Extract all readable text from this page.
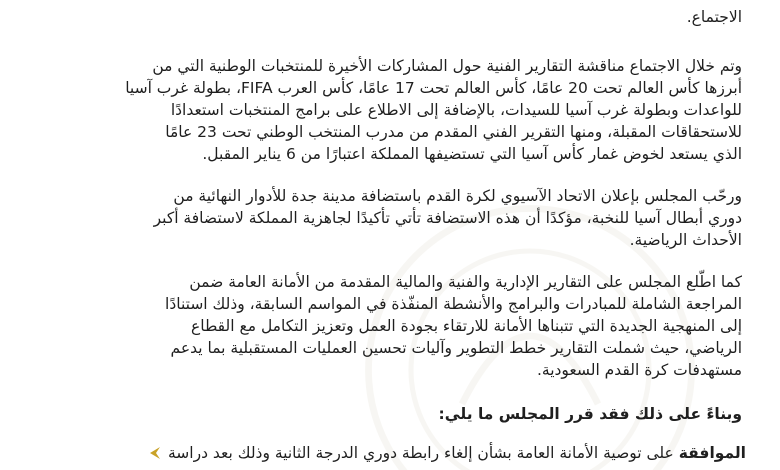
الاجتماع.
وتم خلال الاجتماع مناقشة التقارير الفنية حول المشاركات الأخيرة للمنتخبات الوطنية التي من
أبرزها كأس العالم تحت 20 عامًا، كأس العالم تحت 17 عامًا، كأس العرب FIFA، بطولة غرب آسيا
للواعدات وبطولة غرب آسيا للسيدات، بالإضافة إلى الاطلاع على برامج المنتخبات استعدادًا
للاستحقاقات المقبلة، ومنها التقرير الفني المقدم من مدرب المنتخب الوطني تحت 23 عامًا
الذي يستعد لخوض غمار كأس آسيا التي تستضيفها المملكة اعتبارًا من 6 يناير المقبل.
ورحّب المجلس بإعلان الاتحاد الآسيوي لكرة القدم باستضافة مدينة جدة للأدوار النهائية من
دوري أبطال آسيا للنخبة، مؤكدًا أن هذه الاستضافة تأتي تأكيدًا لجاهزية المملكة لاستضافة أكبر
الأحداث الرياضية.
كما اطّلع المجلس على التقارير الإدارية والفنية والمالية المقدمة من الأمانة العامة ضمن
المراجعة الشاملة للمبادرات والبرامج والأنشطة المنفّذة في المواسم السابقة، وذلك استنادًا
إلى المنهجية الجديدة التي تتبناها الأمانة للارتقاء بجودة العمل وتعزيز التكامل مع القطاع
الرياضي، حيث شملت التقارير خطط التطوير وآليات تحسين العمليات المستقبلية بما يدعم
مستهدفات كرة القدم السعودية.
وبناءً على ذلك فقد قرر المجلس ما يلي:
الموافقة على توصية الأمانة العامة بشأن إلغاء رابطة دوري الدرجة الثانية وذلك بعد دراسة
